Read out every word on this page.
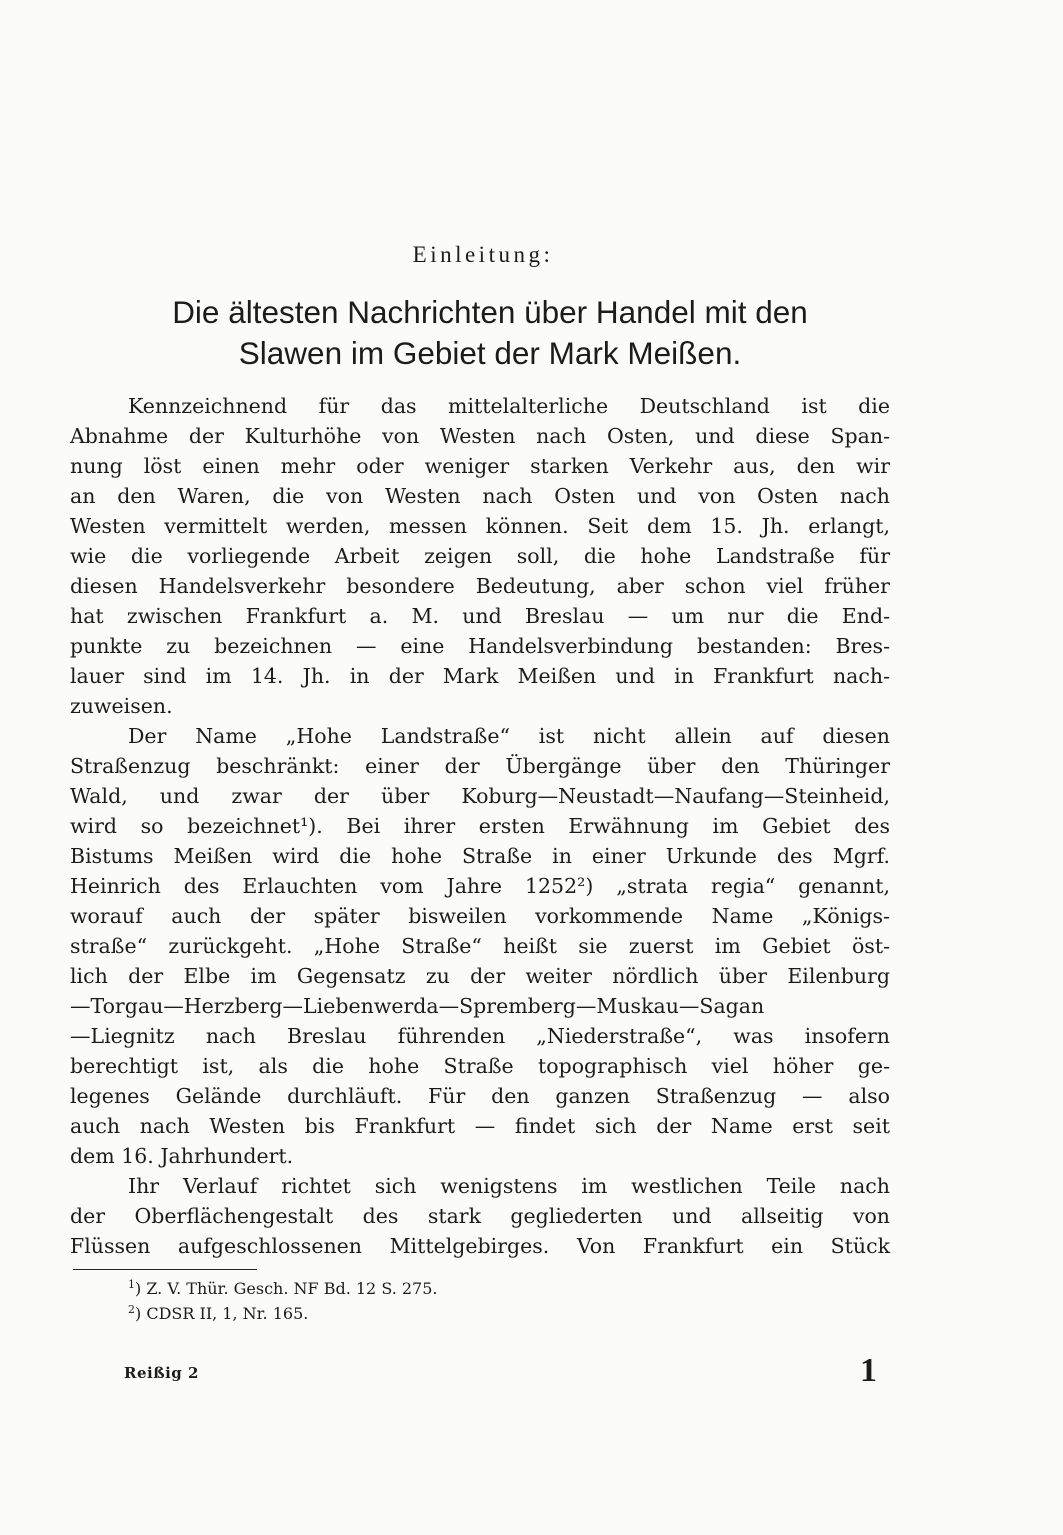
Einleitung:
Die ältesten Nachrichten über Handel mit den
Slawen im Gebiet der Mark Meißen.

Kennzeichnend für das mittelalterliche Deutschland ist die
Abnahme der Kulturhöhe von Westen nach Osten, und diese Span-
nung löst einen mehr oder weniger starken Verkehr aus, den wir
an den Waren, die von Westen nach Osten und von Osten nach
Westen vermittelt werden, messen können. Seit dem 15. Jh. erlangt,
wie die vorliegende Arbeit zeigen soll, die hohe Landstraße für
diesen Handelsverkehr besondere Bedeutung, aber schon viel früher
hat zwischen Frankfurt a. M. und Breslau — um nur die End-
punkte zu bezeichnen — eine Handelsverbindung bestanden: Bres-
lauer sind im 14. Jh. in der Mark Meißen und in Frankfurt nach-
zuweisen.

Der Name „Hohe Landstraße“ ist nicht allein auf diesen
Straßenzug beschränkt: einer der Übergänge über den Thüringer
Wald, und zwar der über Koburg—Neustadt—Naufang—Steinheid,
wird so bezeichnet¹). Bei ihrer ersten Erwähnung im Gebiet des
Bistums Meißen wird die hohe Straße in einer Urkunde des Mgrf.
Heinrich des Erlauchten vom Jahre 1252²) „strata regia“ genannt,
worauf auch der später bisweilen vorkommende Name „Königs-
straße“ zurückgeht. „Hohe Straße“ heißt sie zuerst im Gebiet öst-
lich der Elbe im Gegensatz zu der weiter nördlich über Eilenburg
—Torgau—Herzberg—Liebenwerda—Spremberg—Muskau—Sagan
—Liegnitz nach Breslau führenden „Niederstraße“, was insofern
berechtigt ist, als die hohe Straße topographisch viel höher ge-
legenes Gelände durchläuft. Für den ganzen Straßenzug — also
auch nach Westen bis Frankfurt — findet sich der Name erst seit
dem 16. Jahrhundert.

Ihr Verlauf richtet sich wenigstens im westlichen Teile nach
der Oberflächengestalt des stark gegliederten und allseitig von
Flüssen aufgeschlossenen Mittelgebirges. Von Frankfurt ein Stück

$^1$) Z. V. Thür. Gesch. NF Bd. 12 S. 275.
$^2$) CDSR II, 1, Nr. 165.
Reißig 2	1
